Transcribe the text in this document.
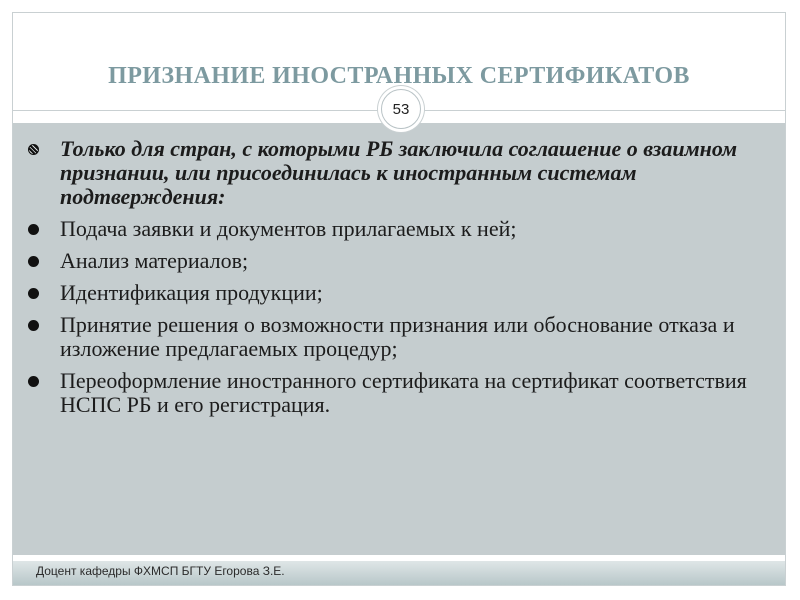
ПРИЗНАНИЕ ИНОСТРАННЫХ СЕРТИФИКАТОВ
53
Только для стран, с которыми РБ заключила соглашение о взаимном признании, или присоединилась к иностранным системам подтверждения:
Подача заявки и документов прилагаемых к ней;
Анализ материалов;
Идентификация продукции;
Принятие решения о возможности признания или обоснование отказа и изложение предлагаемых процедур;
Переоформление иностранного сертификата на сертификат соответствия НСПС РБ и его регистрация.
Доцент кафедры ФХМСП БГТУ Егорова З.Е.
